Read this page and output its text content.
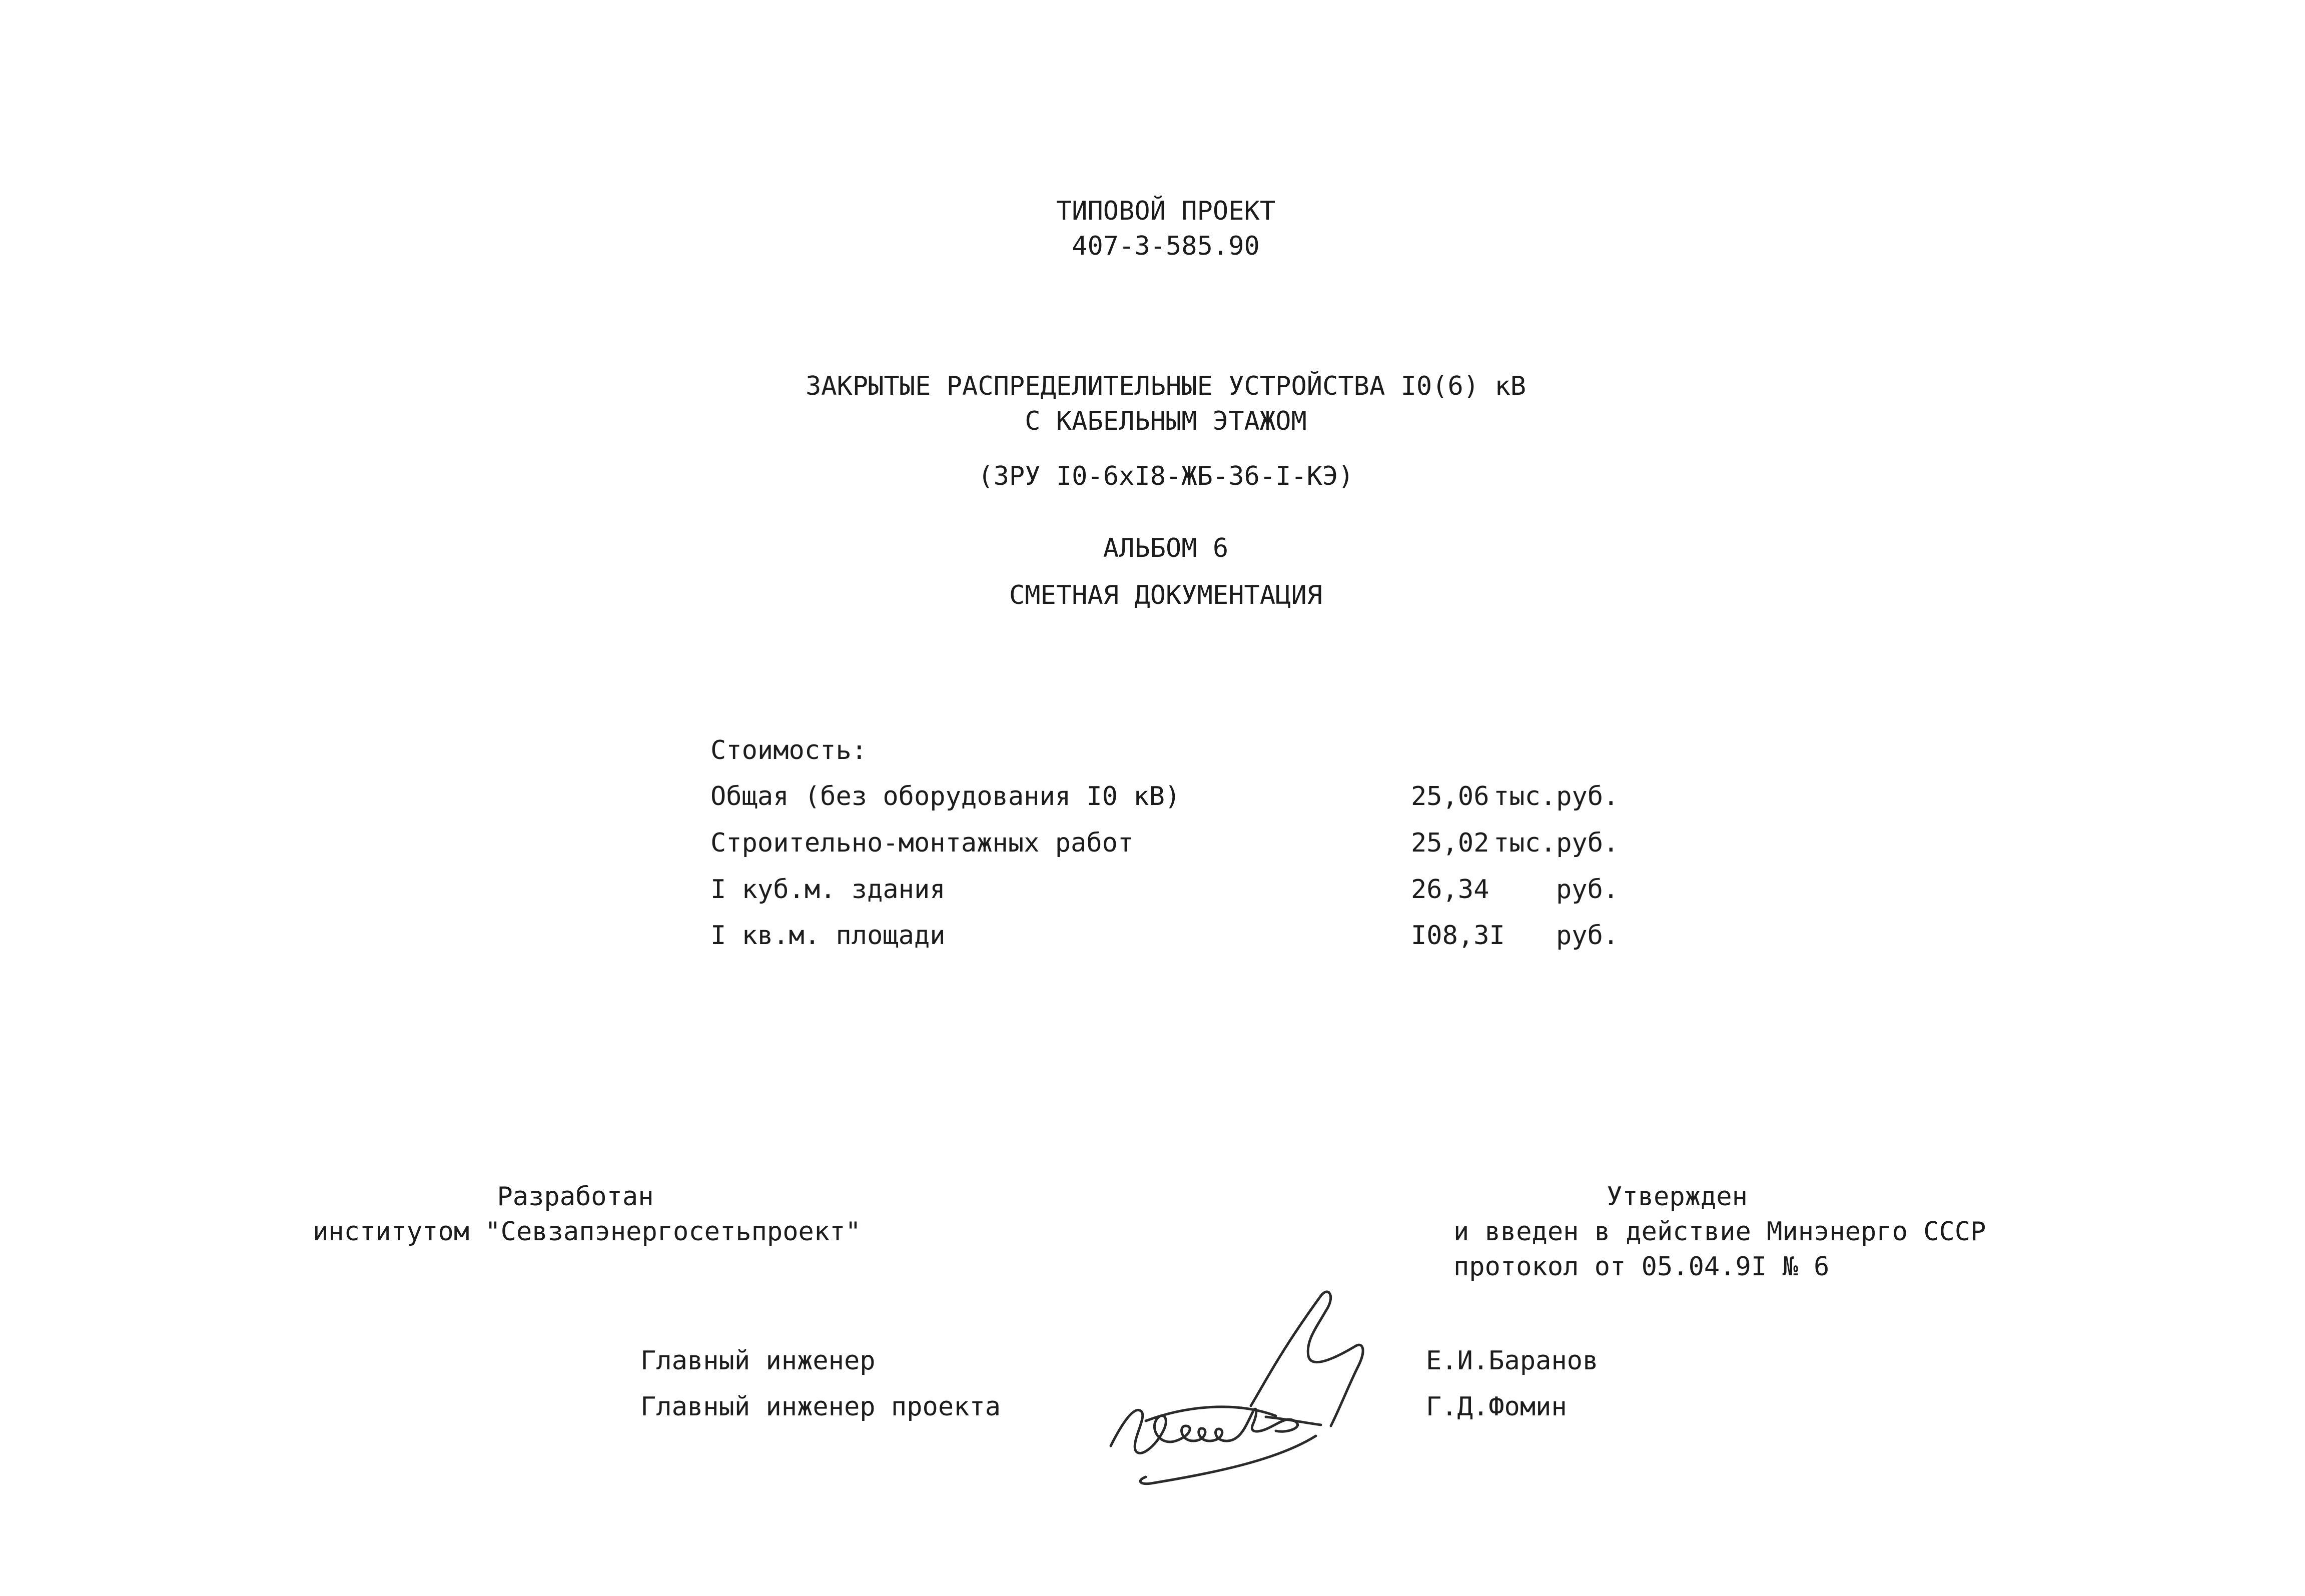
ТИПОВОЙ ПРОЕКТ
407-3-585.90
ЗАКРЫТЫЕ РАСПРЕДЕЛИТЕЛЬНЫЕ УСТРОЙСТВА I0(6) кВ
С КАБЕЛЬНЫМ ЭТАЖОМ
(ЗРУ I0-6хI8-ЖБ-36-I-КЭ)
АЛЬБОМ 6
СМЕТНАЯ ДОКУМЕНТАЦИЯ
Стоимость:
Общая (без оборудования I0 кВ)	25,06 тыс.руб.
Строительно-монтажных работ	25,02 тыс.руб.
I куб.м. здания	26,34	руб.
I кв.м. площади	I08,3I руб.
Разработан
институтом "Севзапэнергосетьпроект"
Утвержден
и введен в действие Минэнерго СССР
протокол от 05.04.9I № 6
Главный инженер	Е.И.Баранов
Главный инженер проекта	Г.Д.Фомин
